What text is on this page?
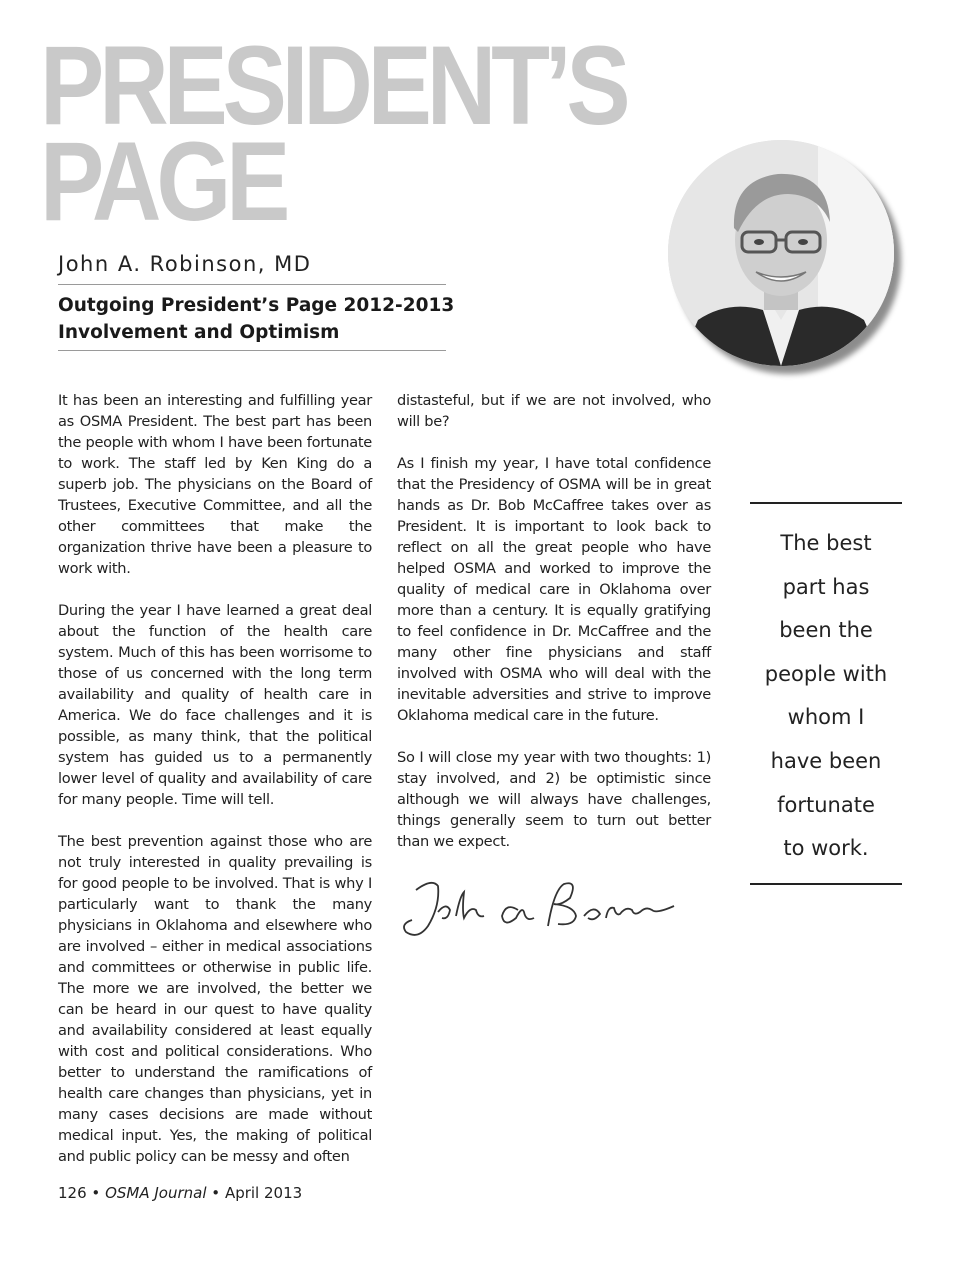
PRESIDENT’S
PAGE
John A. Robinson, MD
Outgoing President’s Page 2012-2013
Involvement and Optimism

It has been an interesting and fulfilling year as OSMA President. The best part has been the people with whom I have been fortunate to work. The staff led by Ken King do a superb job. The physicians on the Board of Trustees, Executive Committee, and all the other committees that make the organization thrive have been a pleasure to work with.

During the year I have learned a great deal about the function of the health care system. Much of this has been worrisome to those of us concerned with the long term availability and quality of health care in America. We do face challenges and it is possible, as many think, that the political system has guided us to a permanently lower level of quality and availability of care for many people. Time will tell.

The best prevention against those who are not truly interested in quality prevailing is for good people to be involved. That is why I particularly want to thank the many physicians in Oklahoma and elsewhere who are involved – either in medical associations and committees or otherwise in public life. The more we are involved, the better we can be heard in our quest to have quality and availability considered at least equally with cost and political considerations. Who better to understand the ramifications of health care changes than physicians, yet in many cases decisions are made without medical input. Yes, the making of political and public policy can be messy and often

distasteful, but if we are not involved, who will be?

As I finish my year, I have total confidence that the Presidency of OSMA will be in great hands as Dr. Bob McCaffree takes over as President. It is important to look back to reflect on all the great people who have helped OSMA and worked to improve the quality of medical care in Oklahoma over more than a century. It is equally gratifying to feel confidence in Dr. McCaffree and the many other fine physicians and staff involved with OSMA who will deal with the inevitable adversities and strive to improve Oklahoma medical care in the future.

So I will close my year with two thoughts: 1) stay involved, and 2) be optimistic since although we will always have challenges, things generally seem to turn out better than we expect.

The best
part has
been the
people with
whom I
have been
fortunate
to work.
126 • OSMA Journal • April 2013
